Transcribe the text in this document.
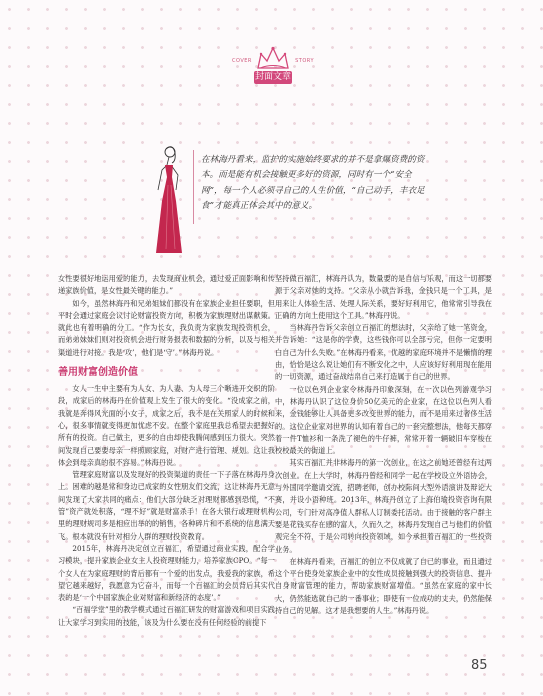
COVER	STORY
封面文章

在林海丹看来，监护的实施始终要求的并不是拿爆资费的资本。而是能有机会接触更多好的资源，同时有一个“安全网”，每一个人必须寻自己的人生价值，“自己动手，丰衣足食”才能真正体会其中的意义。

女性要很好地运用爱的能力，去发现商业机会，通过爱正面影响和传递家族价值，是女性最关键的能力。”

如今，虽然林海丹和兄弟姐妹们都没有在家族企业担任要职，但平时会通过家庭会议讨论财富投资方向，积极为家族理财出谋献策。就此也有着明确的分工。“作为长女，我负责为家族发现投资机会，而弟弟妹妹们则对投资机会进行财务报表和数据的分析，以及与相关渠道进行对接。我是‘攻’，他们是‘守’。”林海丹说。

善用财富创造价值

女人一生中主要有为人女、为人妻、为人母三个晰进开交织的阶段，成家后的林海丹在价值观上发生了很大的变化。“没成家之前，我就是奔得风光面的小女子，成家之后，我不是在关照家人的时候和心，很多事情就变得更加忧虑不安。在整个家庭里我总希望去把握好所有的投资。自己做主，更多的自由却使我腾间感到压力很大。突然间发现自己要要母亲一样照顾家庭，对财产进行管理、规划。这让我体会到母亲真的很不容易。”林海丹说。

管理家庭财富以及发现好的投资渠道的责任一下子落在林海丹身上。困难的越是常和身边已成家的女性朋友们交流，这让林海丹无意间发现了大家共同的痛点：他们大部分缺乏对理财都感到恐慌，“不管”资产就处积落，“理不好”就是财富杀手！在各大银行或理财机构里的理财规司多是相应出举的的销售，各种碎片和不系统的信息满天飞。根本就没有针对相分人群的理财投资教育。

2015年，林海丹决定创立百福汇，希望通过商业实践，配合学习模块，提升家族企业女主人投资理财能力，培养家族CPO。“每一个女人在为家庭理财的背后都有一个爱的出发点，我爱我的家族，希望它越来越好，我愿意为它奋斗，而每一个百福汇的会员背后其实代表的是‘一个中国家族企业对财富和新经济的态度’。”

“百福学堂”里的教学模式通过百福汇研发的财富游戏和项目实践让大家学习到实用的技能，该及为什么要在没有任何经验的前提下

坚持做百福汇，林海丹认为，数量要的是自信与乐观，而这一切都要源于父亲对她的支持。“父亲从小就告诉我，金钱只是一个工具，是用来让人体验生活、处理人际关系，要好好利用它，他常常引导我在正确的方向上使用这个工具。”林海丹说。

当林海丹告诉父亲创立百福汇的想法时，父亲给了她一笔资金，并告诉她：“这是你的学费，这些钱你可以全部亏完，但你一定要明白自己为什么失败。”在林海丹看来，优越的家庭环境并不是懒惰的理由，恰恰是这么说让她们有不断安化之中，人应该好好利用现在能用的一切资源，通过奋战结帛自己来打造属于自己的世界。

一位以色列企业家令林海丹印象深刻，在一次以色列游观学习中，林海丹认识了这位身价50亿美元的企业家，在这位以色列人看来，金钱能够让人具备更多改变世界的能力，而不是用来过奢侈生活的。这位企业家对世界的认知有着自己的一套完整想法，他每天都穿着一件T恤衫和一条洗了褪色的牛仔裤，常常开着一辆破旧车穿梭在校校最关的街道上。

其实百福汇并非林海丹的第一次创业，在这之前她还曾经有过两次创业。在上大学时，林海丹曾经和同学一起在学校设立外语协会，与外国同学邀请交流，招聘老师，创办校际间大型外语演讲及辩论大赛，并设小语种班。2013年，林海丹创立了上海伯瑜投资咨询有限公司，专门针对高净值人群私人订制委托活动。由于接触的客户群主要是花钱买存在感的富人，久而久之，林海丹发现自己与他们的价值观完全不符，于是公司转向投资领域，如今承担着百福汇的一些投资业务。

在林海丹看来，百福汇的创立不仅成就了自己的事业，而且通过这个平台使身处家族企业中的女性成员接触到强大的投资信息、提升自身财富管理的能力，帮助家族财富增值。“虽然在家庭的家中长大，仍然能选就自己的一番事业；即使有一位成功的丈夫，仍然能保持自己的见解。这才是我想要的人生。”林海丹说。

85
